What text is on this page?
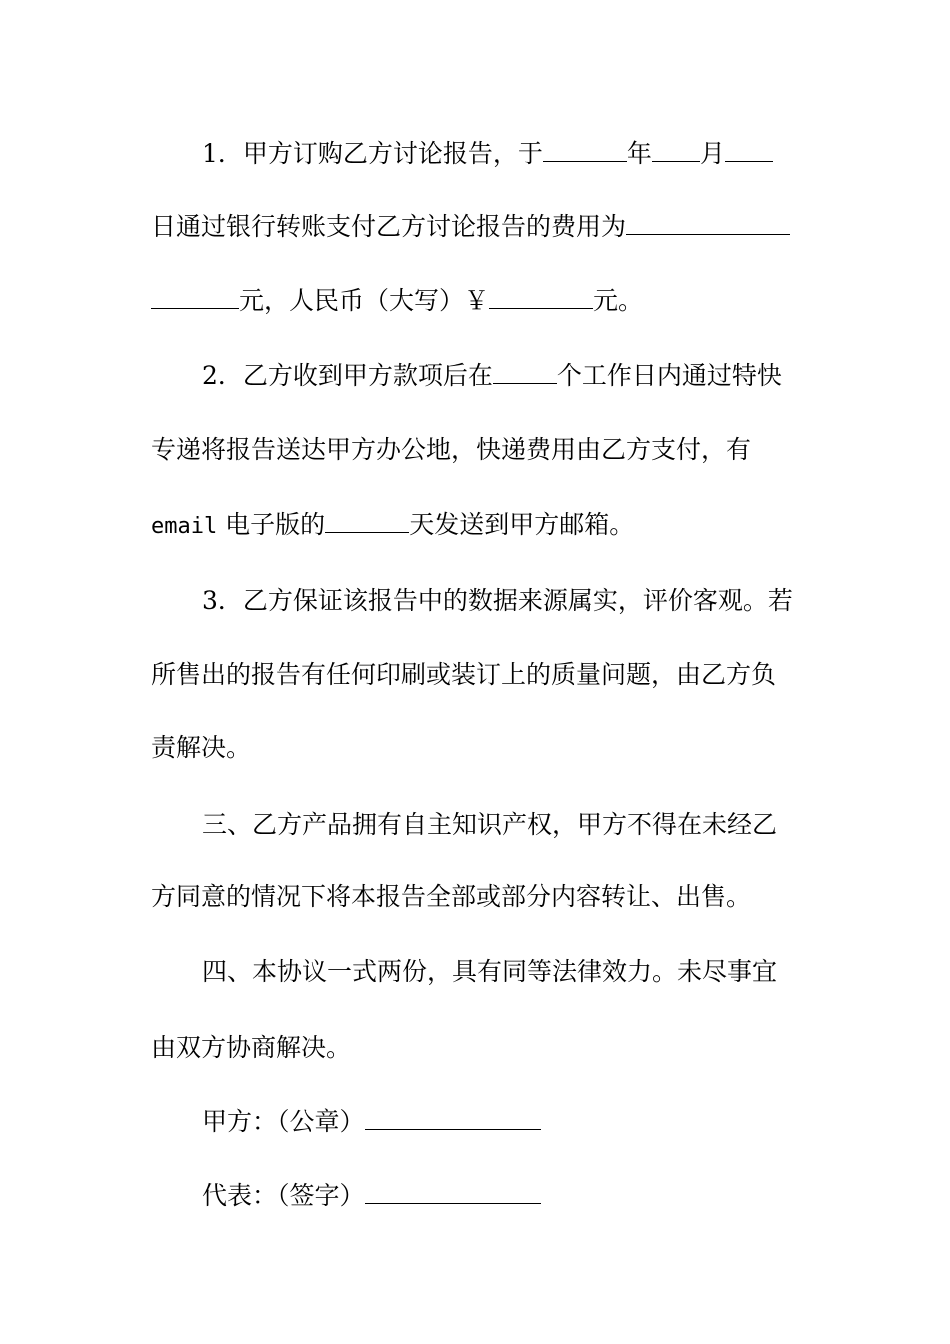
1．甲方订购乙方讨论报告，于	年 月
日通过银行转账支付乙方讨论报告的费用为
元，人民币（大写）￥	元。
2．乙方收到甲方款项后在	个工作日内通过特快
专递将报告送达甲方办公地，快递费用由乙方支付，有
email 电子版的	天发送到甲方邮箱。
3．乙方保证该报告中的数据来源属实，评价客观。若
所售出的报告有任何印刷或装订上的质量问题，由乙方负
责解决。
三、乙方产品拥有自主知识产权，甲方不得在未经乙
方同意的情况下将本报告全部或部分内容转让、出售。
四、本协议一式两份，具有同等法律效力。未尽事宜
由双方协商解决。
甲方：（公章）
代表：（签字）
